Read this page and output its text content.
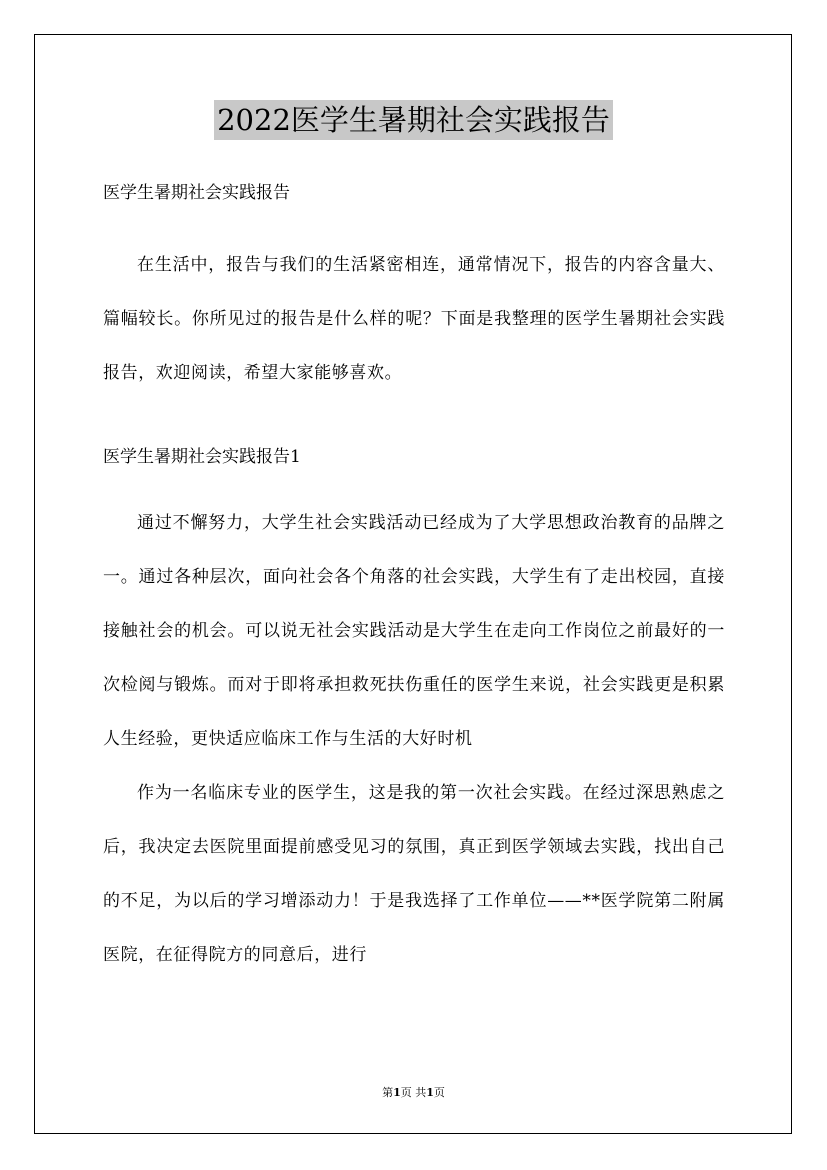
2022医学生暑期社会实践报告

医学生暑期社会实践报告

在生活中，报告与我们的生活紧密相连，通常情况下，报告的内容含量大、篇幅较长。你所见过的报告是什么样的呢？下面是我整理的医学生暑期社会实践报告，欢迎阅读，希望大家能够喜欢。

医学生暑期社会实践报告1

通过不懈努力，大学生社会实践活动已经成为了大学思想政治教育的品牌之一。通过各种层次，面向社会各个角落的社会实践，大学生有了走出校园，直接接触社会的机会。可以说无社会实践活动是大学生在走向工作岗位之前最好的一次检阅与锻炼。而对于即将承担救死扶伤重任的医学生来说，社会实践更是积累人生经验，更快适应临床工作与生活的大好时机

作为一名临床专业的医学生，这是我的第一次社会实践。在经过深思熟虑之后，我决定去医院里面提前感受见习的氛围，真正到医学领域去实践，找出自己的不足，为以后的学习增添动力！于是我选择了工作单位——**医学院第二附属医院，在征得院方的同意后，进行

第1页 共1页
